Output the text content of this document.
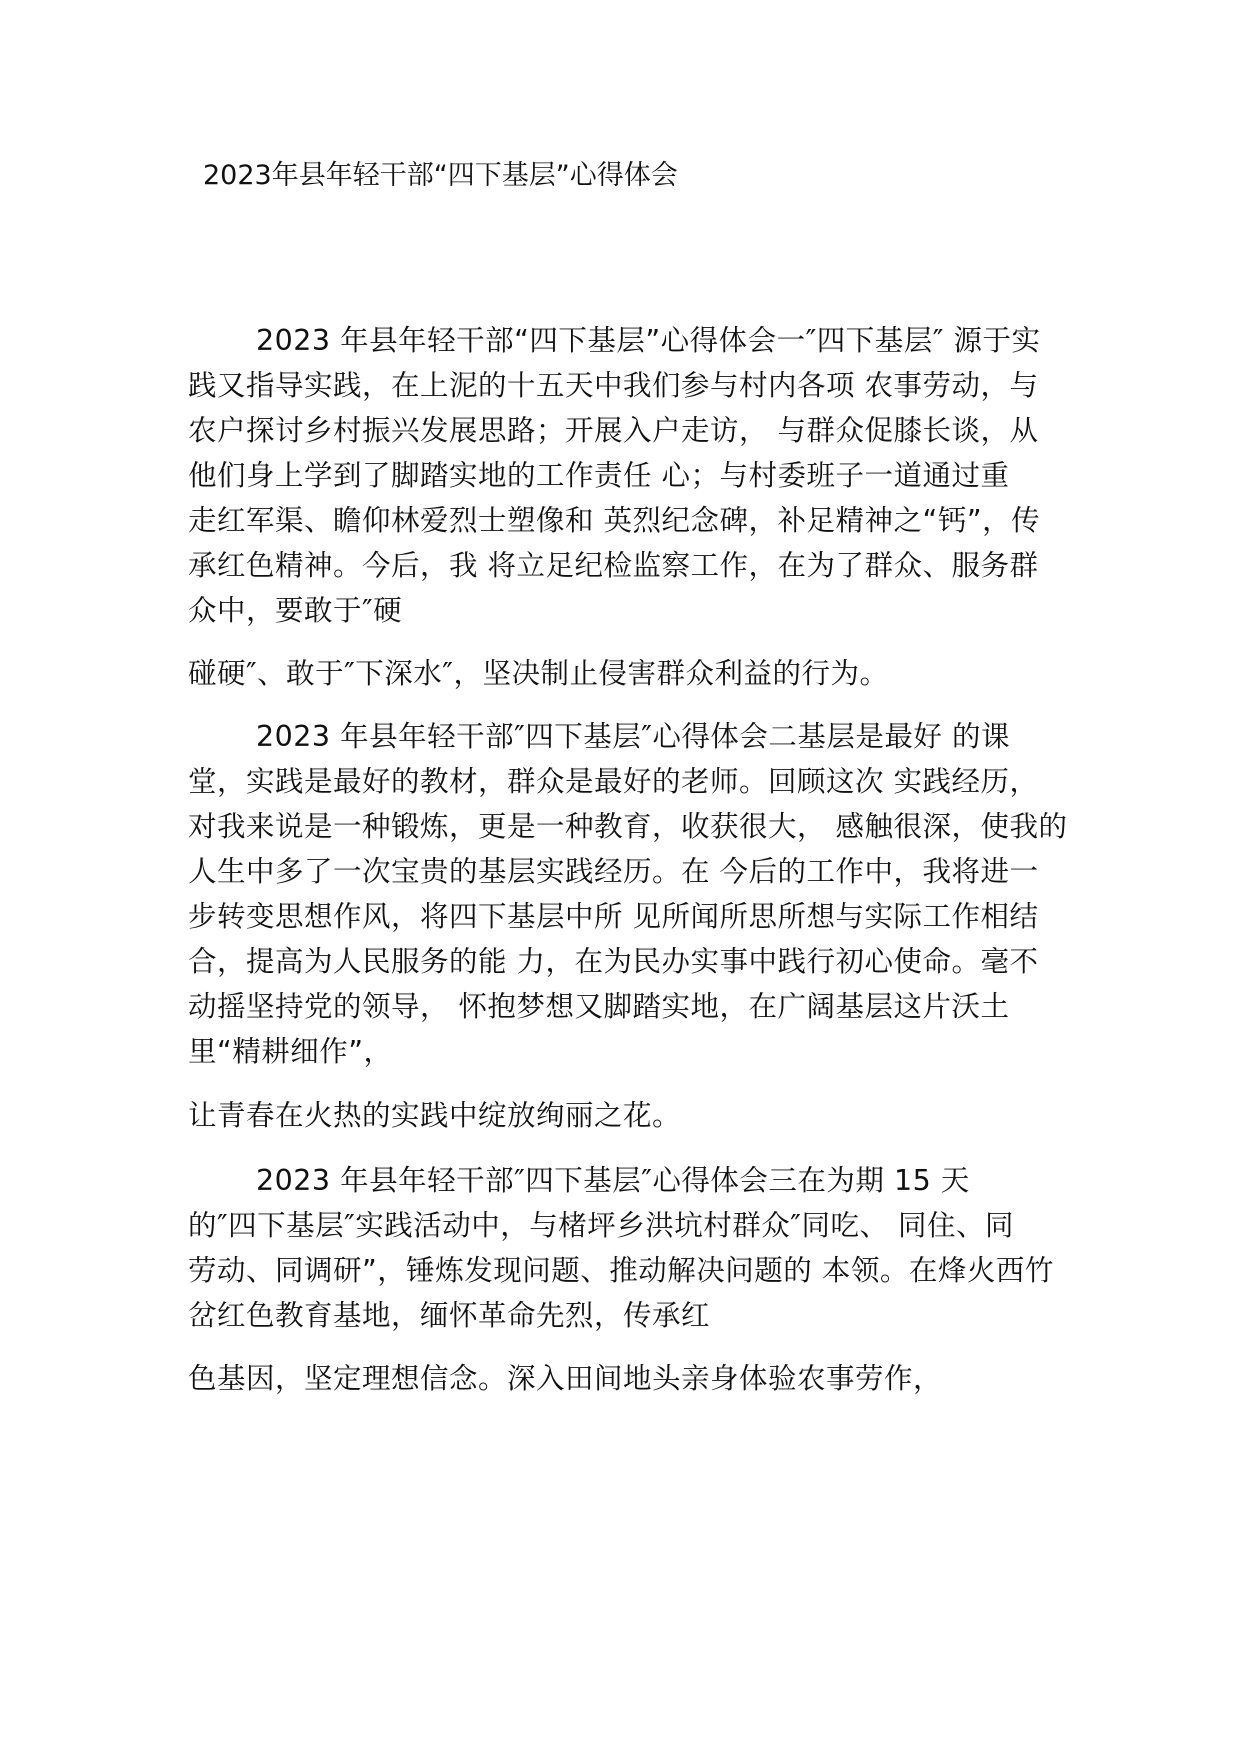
2023年县年轻干部“四下基层”心得体会
2023 年县年轻干部“四下基层”心得体会一″四下基层″ 源于实
践又指导实践，在上泥的十五天中我们参与村内各项 农事劳动，与
农户探讨乡村振兴发展思路；开展入户走访， 与群众促膝长谈，从
他们身上学到了脚踏实地的工作责任 心；与村委班子一道通过重
走红军渠、瞻仰林爱烈士塑像和 英烈纪念碑，补足精神之“钙”，传
承红色精神。今后，我 将立足纪检监察工作，在为了群众、服务群
众中，要敢于″硬
碰硬″、敢于″下深水″，坚决制止侵害群众利益的行为。
2023 年县年轻干部″四下基层″心得体会二基层是最好 的课
堂，实践是最好的教材，群众是最好的老师。回顾这次 实践经历，
对我来说是一种锻炼，更是一种教育，收获很大， 感触很深，使我的
人生中多了一次宝贵的基层实践经历。在 今后的工作中，我将进一
步转变思想作风，将四下基层中所 见所闻所思所想与实际工作相结
合，提高为人民服务的能 力，在为民办实事中践行初心使命。毫不
动摇坚持党的领导， 怀抱梦想又脚踏实地，在广阔基层这片沃土
里“精耕细作”，
让青春在火热的实践中绽放绚丽之花。
2023 年县年轻干部″四下基层″心得体会三在为期 15 天
的″四下基层″实践活动中，与楮坪乡洪坑村群众″同吃、 同住、同
劳动、同调研”，锤炼发现问题、推动解决问题的 本领。在烽火西竹
岔红色教育基地，缅怀革命先烈，传承红
色基因，坚定理想信念。深入田间地头亲身体验农事劳作，
